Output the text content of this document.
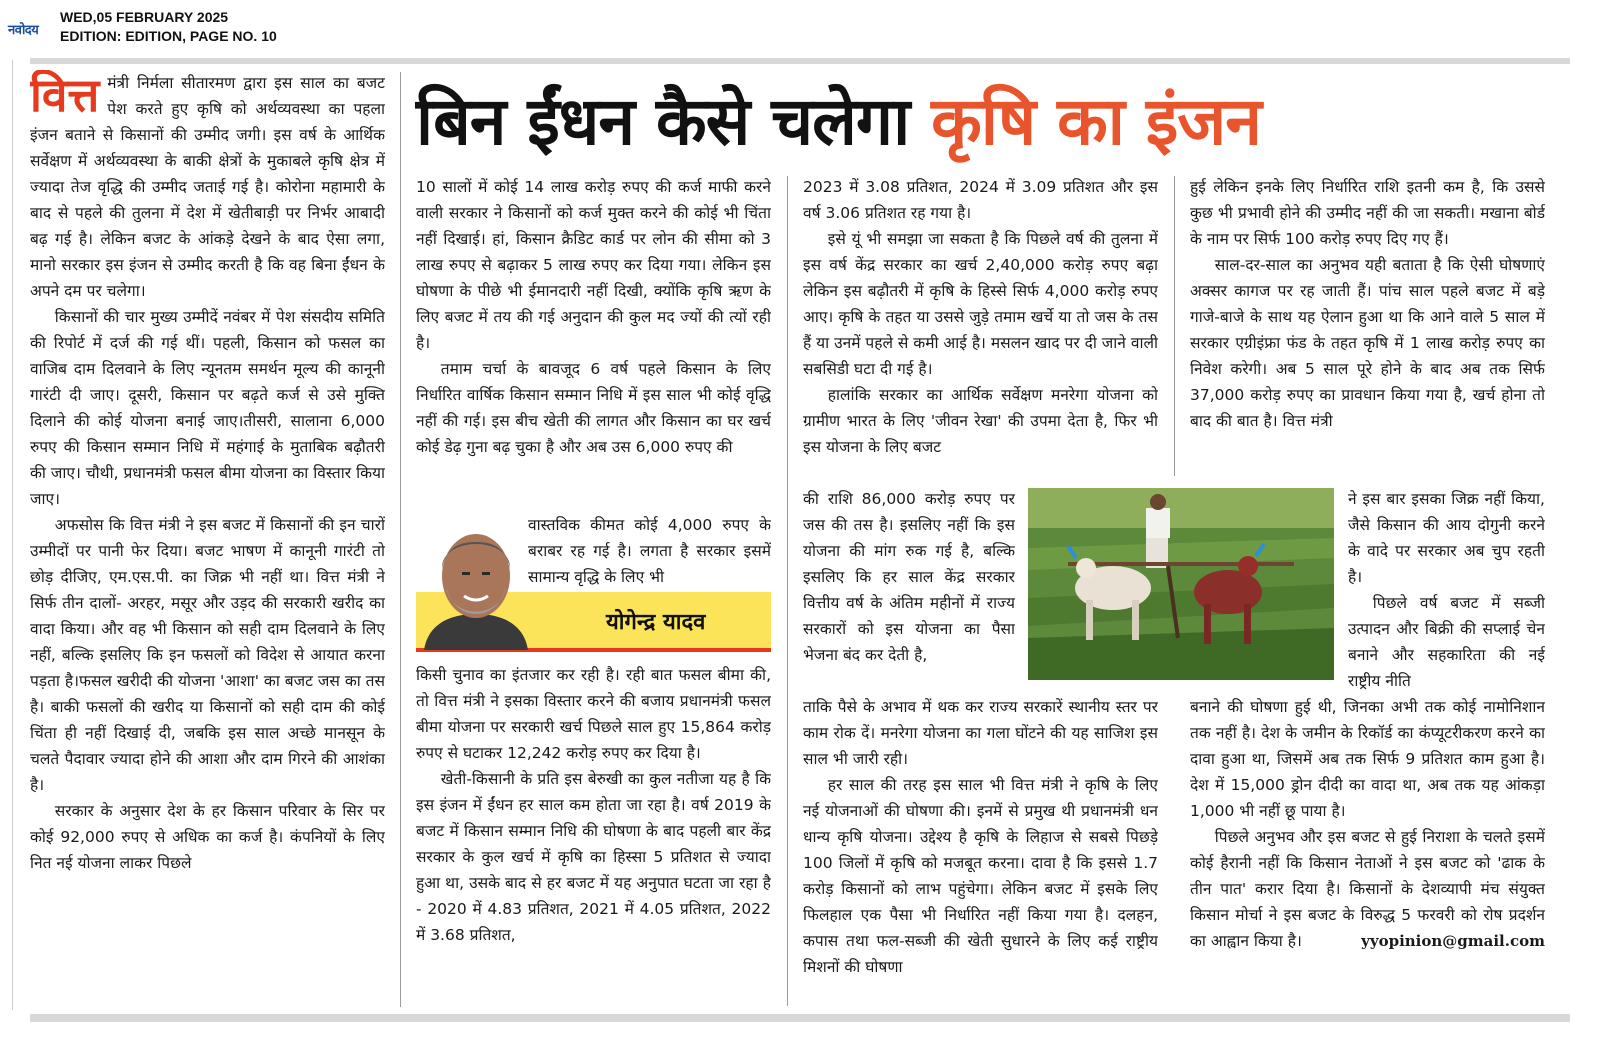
नवोदय
WED,05 FEBRUARY 2025
EDITION: EDITION, PAGE NO. 10

वित्त मंत्री निर्मला सीतारमण द्वारा इस साल का बजट पेश करते हुए कृषि को अर्थव्यवस्था का पहला इंजन बताने से किसानों की उम्मीद जगी। इस वर्ष के आर्थिक सर्वेक्षण में अर्थव्यवस्था के बाकी क्षेत्रों के मुकाबले कृषि क्षेत्र में ज्यादा तेज वृद्धि की उम्मीद जताई गई है। कोरोना महामारी के बाद से पहले की तुलना में देश में खेतीबाड़ी पर निर्भर आबादी बढ़ गई है। लेकिन बजट के आंकड़े देखने के बाद ऐसा लगा, मानो सरकार इस इंजन से उम्मीद करती है कि वह बिना ईंधन के अपने दम पर चलेगा।

किसानों की चार मुख्य उम्मीदें नवंबर में पेश संसदीय समिति की रिपोर्ट में दर्ज की गई थीं। पहली, किसान को फसल का वाजिब दाम दिलवाने के लिए न्यूनतम समर्थन मूल्य की कानूनी गारंटी दी जाए। दूसरी, किसान पर बढ़ते कर्ज से उसे मुक्ति दिलाने की कोई योजना बनाई जाए।तीसरी, सालाना 6,000 रुपए की किसान सम्मान निधि में महंगाई के मुताबिक बढ़ौतरी की जाए। चौथी, प्रधानमंत्री फसल बीमा योजना का विस्तार किया जाए।

अफसोस कि वित्त मंत्री ने इस बजट में किसानों की इन चारों उम्मीदों पर पानी फेर दिया। बजट भाषण में कानूनी गारंटी तो छोड़ दीजिए, एम.एस.पी. का जिक्र भी नहीं था। वित्त मंत्री ने सिर्फ तीन दालों- अरहर, मसूर और उड़द की सरकारी खरीद का वादा किया। और वह भी किसान को सही दाम दिलवाने के लिए नहीं, बल्कि इसलिए कि इन फसलों को विदेश से आयात करना पड़ता है।फसल खरीदी की योजना 'आशा' का बजट जस का तस है। बाकी फसलों की खरीद या किसानों को सही दाम की कोई चिंता ही नहीं दिखाई दी, जबकि इस साल अच्छे मानसून के चलते पैदावार ज्यादा होने की आशा और दाम गिरने की आशंका है।

सरकार के अनुसार देश के हर किसान परिवार के सिर पर कोई 92,000 रुपए से अधिक का कर्ज है। कंपनियों के लिए नित नई योजना लाकर पिछले

बिन ईंधन कैसे चलेगा कृषि का इंजन

10 सालों में कोई 14 लाख करोड़ रुपए की कर्ज माफी करने वाली सरकार ने किसानों को कर्ज मुक्त करने की कोई भी चिंता नहीं दिखाई। हां, किसान क्रैडिट कार्ड पर लोन की सीमा को 3 लाख रुपए से बढ़ाकर 5 लाख रुपए कर दिया गया। लेकिन इस घोषणा के पीछे भी ईमानदारी नहीं दिखी, क्योंकि कृषि ऋण के लिए बजट में तय की गई अनुदान की कुल मद ज्यों की त्यों रही है।

तमाम चर्चा के बावजूद 6 वर्ष पहले किसान के लिए निर्धारित वार्षिक किसान सम्मान निधि में इस साल भी कोई वृद्धि नहीं की गई। इस बीच खेती की लागत और किसान का घर खर्च कोई डेढ़ गुना बढ़ चुका है और अब उस 6,000 रुपए की

वास्तविक कीमत कोई 4,000 रुपए के बराबर रह गई है। लगता है सरकार इसमें सामान्य वृद्धि के लिए भी

योगेन्द्र यादव

किसी चुनाव का इंतजार कर रही है। रही बात फसल बीमा की, तो वित्त मंत्री ने इसका विस्तार करने की बजाय प्रधानमंत्री फसल बीमा योजना पर सरकारी खर्च पिछले साल हुए 15,864 करोड़ रुपए से घटाकर 12,242 करोड़ रुपए कर दिया है।

खेती-किसानी के प्रति इस बेरुखी का कुल नतीजा यह है कि इस इंजन में ईंधन हर साल कम होता जा रहा है। वर्ष 2019 के बजट में किसान सम्मान निधि की घोषणा के बाद पहली बार केंद्र सरकार के कुल खर्च में कृषि का हिस्सा 5 प्रतिशत से ज्यादा हुआ था, उसके बाद से हर बजट में यह अनुपात घटता जा रहा है - 2020 में 4.83 प्रतिशत, 2021 में 4.05 प्रतिशत, 2022 में 3.68 प्रतिशत,

2023 में 3.08 प्रतिशत, 2024 में 3.09 प्रतिशत और इस वर्ष 3.06 प्रतिशत रह गया है।

इसे यूं भी समझा जा सकता है कि पिछले वर्ष की तुलना में इस वर्ष केंद्र सरकार का खर्च 2,40,000 करोड़ रुपए बढ़ा लेकिन इस बढ़ौतरी में कृषि के हिस्से सिर्फ 4,000 करोड़ रुपए आए। कृषि के तहत या उससे जुड़े तमाम खर्चे या तो जस के तस हैं या उनमें पहले से कमी आई है। मसलन खाद पर दी जाने वाली सबसिडी घटा दी गई है।

हालांकि सरकार का आर्थिक सर्वेक्षण मनरेगा योजना को ग्रामीण भारत के लिए 'जीवन रेखा' की उपमा देता है, फिर भी इस योजना के लिए बजट

की राशि 86,000 करोड़ रुपए पर जस की तस है। इसलिए नहीं कि इस योजना की मांग रुक गई है, बल्कि इसलिए कि हर साल केंद्र सरकार वित्तीय वर्ष के अंतिम महीनों में राज्य सरकारों को इस योजना का पैसा भेजना बंद कर देती है,

ताकि पैसे के अभाव में थक कर राज्य सरकारें स्थानीय स्तर पर काम रोक दें। मनरेगा योजना का गला घोंटने की यह साजिश इस साल भी जारी रही।

हर साल की तरह इस साल भी वित्त मंत्री ने कृषि के लिए नई योजनाओं की घोषणा की। इनमें से प्रमुख थी प्रधानमंत्री धन धान्य कृषि योजना। उद्देश्य है कृषि के लिहाज से सबसे पिछड़े 100 जिलों में कृषि को मजबूत करना। दावा है कि इससे 1.7 करोड़ किसानों को लाभ पहुंचेगा। लेकिन बजट में इसके लिए फिलहाल एक पैसा भी निर्धारित नहीं किया गया है। दलहन, कपास तथा फल-सब्जी की खेती सुधारने के लिए कई राष्ट्रीय मिशनों की घोषणा

हुई लेकिन इनके लिए निर्धारित राशि इतनी कम है, कि उससे कुछ भी प्रभावी होने की उम्मीद नहीं की जा सकती। मखाना बोर्ड के नाम पर सिर्फ 100 करोड़ रुपए दिए गए हैं।

साल-दर-साल का अनुभव यही बताता है कि ऐसी घोषणाएं अक्सर कागज पर रह जाती हैं। पांच साल पहले बजट में बड़े गाजे-बाजे के साथ यह ऐलान हुआ था कि आने वाले 5 साल में सरकार एग्रीइंफ्रा फंड के तहत कृषि में 1 लाख करोड़ रुपए का निवेश करेगी। अब 5 साल पूरे होने के बाद अब तक सिर्फ 37,000 करोड़ रुपए का प्रावधान किया गया है, खर्च होना तो बाद की बात है। वित्त मंत्री

ने इस बार इसका जिक्र नहीं किया, जैसे किसान की आय दोगुनी करने के वादे पर सरकार अब चुप रहती है।

पिछले वर्ष बजट में सब्जी उत्पादन और बिक्री की सप्लाई चेन बनाने और सहकारिता की नई राष्ट्रीय नीति

बनाने की घोषणा हुई थी, जिनका अभी तक कोई नामोनिशान तक नहीं है। देश के जमीन के रिकॉर्ड का कंप्यूटरीकरण करने का दावा हुआ था, जिसमें अब तक सिर्फ 9 प्रतिशत काम हुआ है। देश में 15,000 ड्रोन दीदी का वादा था, अब तक यह आंकड़ा 1,000 भी नहीं छू पाया है।

पिछले अनुभव और इस बजट से हुई निराशा के चलते इसमें कोई हैरानी नहीं कि किसान नेताओं ने इस बजट को 'ढाक के तीन पात' करार दिया है। किसानों के देशव्यापी मंच संयुक्त किसान मोर्चा ने इस बजट के विरुद्ध 5 फरवरी को रोष प्रदर्शन का आह्वान किया है।	yyopinion@gmail.com
